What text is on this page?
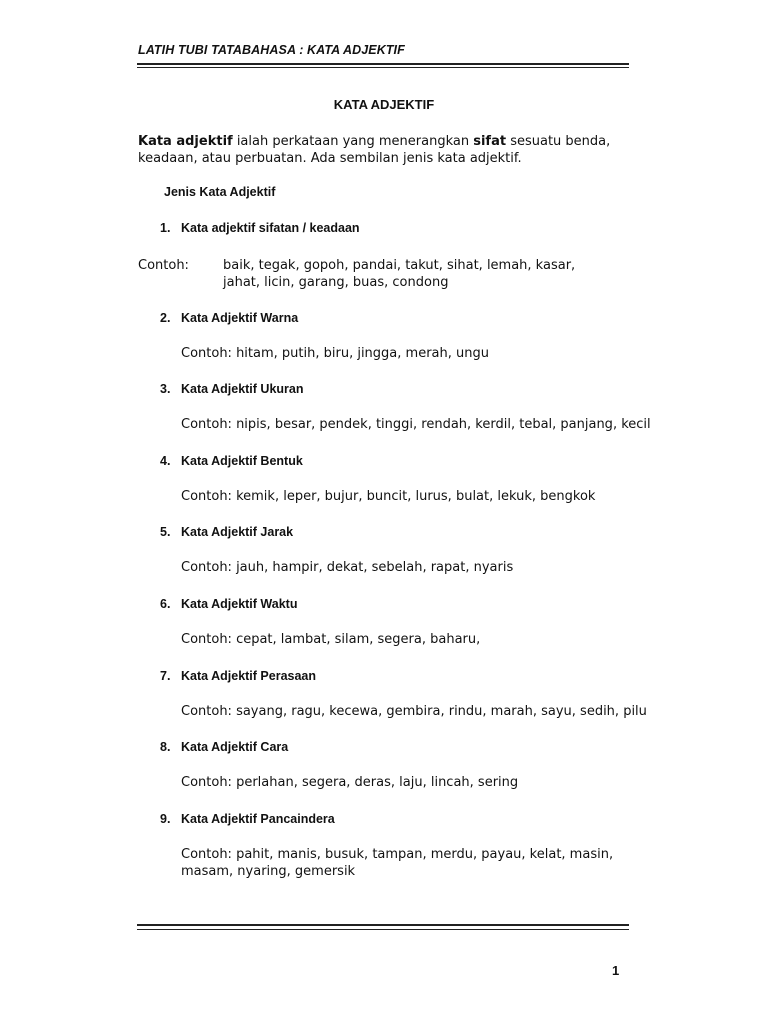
LATIH TUBI TATABAHASA : KATA ADJEKTIF
KATA ADJEKTIF
Kata adjektif ialah perkataan yang menerangkan sifat sesuatu benda, keadaan, atau perbuatan. Ada sembilan jenis kata adjektif.
Jenis Kata Adjektif
1. Kata adjektif sifatan / keadaan
Contoh:	baik, tegak, gopoh, pandai, takut, sihat, lemah, kasar,
jahat, licin, garang, buas, condong
2. Kata Adjektif Warna
Contoh: hitam, putih, biru, jingga, merah, ungu
3. Kata Adjektif Ukuran
Contoh: nipis, besar, pendek, tinggi, rendah, kerdil, tebal, panjang, kecil
4. Kata Adjektif Bentuk
Contoh: kemik, leper, bujur, buncit, lurus, bulat, lekuk, bengkok
5. Kata Adjektif Jarak
Contoh: jauh, hampir, dekat, sebelah, rapat, nyaris
6. Kata Adjektif Waktu
Contoh: cepat, lambat, silam, segera, baharu,
7. Kata Adjektif Perasaan
Contoh: sayang, ragu, kecewa, gembira, rindu, marah, sayu, sedih, pilu
8. Kata Adjektif Cara
Contoh: perlahan, segera, deras, laju, lincah, sering
9. Kata Adjektif Pancaindera
Contoh: pahit, manis, busuk, tampan, merdu, payau, kelat, masin,
masam, nyaring, gemersik
1
